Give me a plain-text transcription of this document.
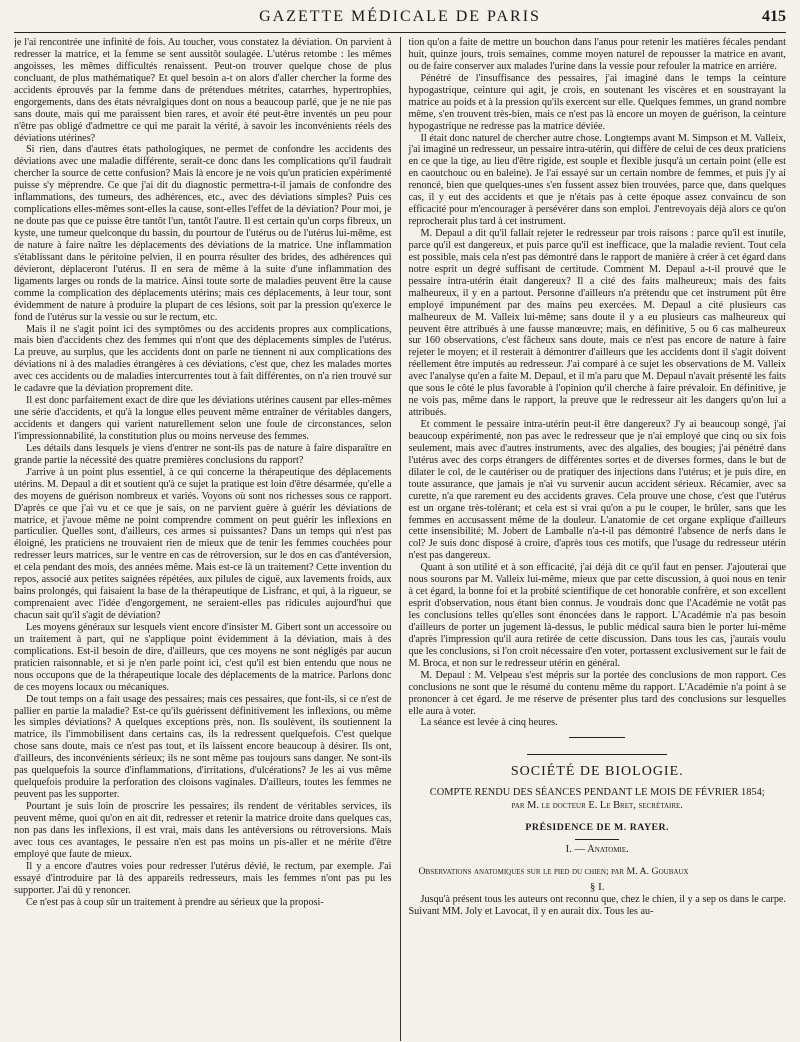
GAZETTE MÉDICALE DE PARIS	415

je l'ai rencontrée une infinité de fois. Au toucher, vous constatez la déviation. On parvient à redresser la matrice, et la femme se sent aussitôt soulagée. L'utérus retombe : les mêmes angoisses, les mêmes difficultés renaissent. Peut-on trouver quelque chose de plus concluant, de plus mathématique? Et quel besoin a-t on alors d'aller chercher la forme des accidents éprouvés par la femme dans de prétendues métrites, catarrhes, hypertrophies, engorgements, dans des états névralgiques dont on nous a beaucoup parlé, que je ne nie pas sans doute, mais qui me paraissent bien rares, et avoir été peut-être inventés un peu pour n'être pas obligé d'admettre ce qui me parait la vérité, à savoir les inconvénients réels des déviations utérines?

Si rien, dans d'autres états pathologiques, ne permet de confondre les accidents des déviations avec une maladie différente, serait-ce donc dans les complications qu'il faudrait chercher la source de cette confusion? Mais là encore je ne vois qu'un praticien expérimenté puisse s'y méprendre. Ce que j'ai dit du diagnostic permettra-t-il jamais de confondre des inflammations, des tumeurs, des adhérences, etc., avec des déviations simples? Puis ces complications elles-mêmes sont-elles la cause, sont-elles l'effet de la déviation? Pour moi, je ne doute pas que ce puisse être tantôt l'un, tantôt l'autre. Il est certain qu'un corps fibreux, un kyste, une tumeur quelconque du bassin, du pourtour de l'utérus ou de l'utérus lui-même, est de nature à faire naître les déplacements des déviations de la matrice. Une inflammation s'établissant dans le péritoine pelvien, il en pourra résulter des brides, des adhérences qui dévieront, déplaceront l'utérus. Il en sera de même à la suite d'une inflammation des ligaments larges ou ronds de la matrice. Ainsi toute sorte de maladies peuvent être la cause comme la complication des déplacements utérins; mais ces déplacements, à leur tour, sont évidemment de nature à produire la plupart de ces lésions, soit par la pression qu'exerce le fond de l'utérus sur la vessie ou sur le rectum, etc.

Mais il ne s'agit point ici des symptômes ou des accidents propres aux complications, mais bien d'accidents chez des femmes qui n'ont que des déplacements simples de l'utérus. La preuve, au surplus, que les accidents dont on parle ne tiennent ni aux complications des déviations ni à des maladies étrangères à ces déviations, c'est que, chez les malades mortes avec ces accidents ou de maladies intercurrentes tout à fait différentes, on n'a rien trouvé sur le cadavre que la déviation proprement dite.

Il est donc parfaitement exact de dire que les déviations utérines causent par elles-mêmes une série d'accidents, et qu'à la longue elles peuvent même entraîner de véritables dangers, accidents et dangers qui varient naturellement selon une foule de circonstances, selon l'impressionnabilité, la constitution plus ou moins nerveuse des femmes.

Les détails dans lesquels je viens d'entrer ne sont-ils pas de nature à faire disparaître en grande partie la nécessité des quatre premières conclusions du rapport?

J'arrive à un point plus essentiel, à ce qui concerne la thérapeutique des déplacements utérins. M. Depaul a dit et soutient qu'à ce sujet la pratique est loin d'être désarmée, qu'elle a des moyens de guérison nombreux et variés. Voyons où sont nos richesses sous ce rapport. D'après ce que j'ai vu et ce que je sais, on ne parvient guère à guérir les déviations de matrice, et j'avoue même ne point comprendre comment on peut guérir les inflexions en particulier. Quelles sont, d'ailleurs, ces armes si puissantes? Dans un temps qui n'est pas éloigné, les praticiens ne trouvaient rien de mieux que de tenir les femmes couchées pour redresser leurs matrices, sur le ventre en cas de rétroversion, sur le dos en cas d'antéversion, et cela pendant des mois, des années même. Mais est-ce là un traitement? Cette invention du repos, associé aux petites saignées répétées, aux pilules de ciguë, aux lavements froids, aux bains prolongés, qui faisaient la base de la thérapeutique de Lisfranc, et qui, à la rigueur, se comprenaient avec l'idée d'engorgement, ne seraient-elles pas ridicules aujourd'hui que chacun sait qu'il s'agit de déviation?

Les moyens généraux sur lesquels vient encore d'insister M. Gibert sont un accessoire ou un traitement à part, qui ne s'applique point évidemment à la déviation, mais à des complications. Est-il besoin de dire, d'ailleurs, que ces moyens ne sont négligés par aucun praticien raisonnable, et si je n'en parle point ici, c'est qu'il est bien entendu que nous ne nous occupons que de la thérapeutique locale des déplacements de la matrice. Parlons donc de ces moyens locaux ou mécaniques.

De tout temps on a fait usage des pessaires; mais ces pessaires, que font-ils, si ce n'est de pallier en partie la maladie? Est-ce qu'ils guérissent définitivement les inflexions, ou même les simples déviations? A quelques exceptions près, non. Ils soulèvent, ils soutiennent la matrice, ils l'immobilisent dans certains cas, ils la redressent quelquefois. C'est quelque chose sans doute, mais ce n'est pas tout, et ils laissent encore beaucoup à désirer. Ils ont, d'ailleurs, des inconvénients sérieux; ils ne sont même pas toujours sans danger. Ne sont-ils pas quelquefois la source d'inflammations, d'irritations, d'ulcérations? Je les ai vus même quelquefois produire la perforation des cloisons vaginales. D'ailleurs, toutes les femmes ne peuvent pas les supporter.

Pourtant je suis loin de proscrire les pessaires; ils rendent de véritables services, ils peuvent même, quoi qu'on en ait dit, redresser et retenir la matrice droite dans quelques cas, non pas dans les inflexions, il est vrai, mais dans les antéversions ou rétroversions. Mais avec tous ces avantages, le pessaire n'en est pas moins un pis-aller et ne mérite d'être employé que faute de mieux.

Il y a encore d'autres voies pour redresser l'utérus dévié, le rectum, par exemple. J'ai essayé d'introduire par là des appareils redresseurs, mais les femmes n'ont pas pu les supporter. J'ai dû y renoncer.

Ce n'est pas à coup sûr un traitement à prendre au sérieux que la proposi-

tion qu'on a faite de mettre un bouchon dans l'anus pour retenir les matières fécales pendant huit, quinze jours, trois semaines, comme moyen naturel de repousser la matrice en avant, ou de faire conserver aux malades l'urine dans la vessie pour refouler la matrice en arrière.

Pénétré de l'insuffisance des pessaires, j'ai imaginé dans le temps la ceinture hypogastrique, ceinture qui agit, je crois, en soutenant les viscères et en soustrayant la matrice au poids et à la pression qu'ils exercent sur elle. Quelques femmes, un grand nombre même, s'en trouvent très-bien, mais ce n'est pas là encore un moyen de guérison, la ceinture hypogastrique ne redresse pas la matrice déviée.

Il était donc naturel de chercher autre chose. Longtemps avant M. Simpson et M. Valleix, j'ai imaginé un redresseur, un pessaire intra-utérin, qui diffère de celui de ces deux praticiens en ce que la tige, au lieu d'être rigide, est souple et flexible jusqu'à un certain point (elle est en caoutchouc ou en baleine). Je l'ai essayé sur un certain nombre de femmes, et puis j'y ai renoncé, bien que quelques-unes s'en fussent assez bien trouvées, parce que, dans quelques cas, il y eut des accidents et que je n'étais pas à cette époque assez convaincu de son efficacité pour m'encourager à persévérer dans son emploi. J'entrevoyais déjà alors ce qu'on reprocherait plus tard à cet instrument.

M. Depaul a dit qu'il fallait rejeter le redresseur par trois raisons : parce qu'il est inutile, parce qu'il est dangereux, et puis parce qu'il est inefficace, que la maladie revient. Tout cela est possible, mais cela n'est pas démontré dans le rapport de manière à créer à cet égard dans notre esprit un degré suffisant de certitude. Comment M. Depaul a-t-il prouvé que le pessaire intra-utérin était dangereux? Il a cité des faits malheureux; mais des faits malheureux, il y en a partout. Personne d'ailleurs n'a prétendu que cet instrument pût être employé impunément par des mains peu exercées. M. Depaul a cité plusieurs cas malheureux de M. Valleix lui-même; sans doute il y a eu plusieurs cas malheureux qui peuvent être attribués à une fausse manœuvre; mais, en définitive, 5 ou 6 cas malheureux sur 160 observations, c'est fâcheux sans doute, mais ce n'est pas encore de nature à faire rejeter le moyen; et il resterait à démontrer d'ailleurs que les accidents dont il s'agit doivent réellement être imputés au redresseur. J'ai comparé à ce sujet les observations de M. Valleix avec l'analyse qu'en a faite M. Depaul, et il m'a paru que M. Depaul n'avait présenté les faits que sous le côté le plus favorable à l'opinion qu'il cherche à faire prévaloir. En définitive, je ne vois pas, même dans le rapport, la preuve que le redresseur ait les dangers qu'on lui a attribués.

Et comment le pessaire intra-utérin peut-il être dangereux? J'y ai beaucoup songé, j'ai beaucoup expérimenté, non pas avec le redresseur que je n'ai employé que cinq ou six fois seulement, mais avec d'autres instruments, avec des algalies, des bougies; j'ai pénétré dans l'utérus avec des corps étrangers de différentes sortes et de diverses formes, dans le but de dilater le col, de le cautériser ou de pratiquer des injections dans l'utérus; et je puis dire, en toute assurance, que jamais je n'ai vu survenir aucun accident sérieux. Récamier, avec sa curette, n'a que rarement eu des accidents graves. Cela prouve une chose, c'est que l'utérus est un organe très-tolérant; et cela est si vrai qu'on a pu le couper, le brûler, sans que les femmes en accusassent même de la douleur. L'anatomie de cet organe explique d'ailleurs cette insensibilité; M. Jobert de Lamballe n'a-t-il pas démontré l'absence de nerfs dans le col? Je suis donc disposé à croire, d'après tous ces motifs, que l'usage du redresseur utérin n'est pas dangereux.

Quant à son utilité et à son efficacité, j'ai déjà dit ce qu'il faut en penser. J'ajouterai que nous sourons par M. Valleix lui-même, mieux que par cette discussion, à quoi nous en tenir à cet égard, la bonne foi et la probité scientifique de cet honorable confrère, et son excellent esprit d'observation, nous étant bien connus. Je voudrais donc que l'Académie ne votât pas les conclusions telles qu'elles sont énoncées dans le rapport. L'Académie n'a pas besoin d'ailleurs de porter un jugement là-dessus, le public médical saura bien le porter lui-même d'après l'impression qu'il aura retirée de cette discussion. Dans tous les cas, j'aurais voulu que les conclusions, si l'on croit nécessaire d'en voter, portassent exclusivement sur le fait de M. Broca, et non sur le redresseur utérin en général.

M. Depaul : M. Velpeau s'est mépris sur la portée des conclusions de mon rapport. Ces conclusions ne sont que le résumé du contenu même du rapport. L'Académie n'a point à se prononcer à cet égard. Je me réserve de présenter plus tard des conclusions sur lesquelles elle aura à voter.

La séance est levée à cinq heures.

SOCIÉTÉ DE BIOLOGIE.
COMPTE RENDU DES SÉANCES PENDANT LE MOIS DE FÉVRIER 1854;
par M. le docteur E. Le Bret, secrétaire.
PRÉSIDENCE DE M. RAYER.
I. — Anatomie.
Observations anatomiques sur le pied du chien; par M. A. Goubaux
§ I.

Jusqu'à présent tous les auteurs ont reconnu que, chez le chien, il y a sep os dans le carpe. Suivant MM. Joly et Lavocat, il y en aurait dix. Tous les au-
